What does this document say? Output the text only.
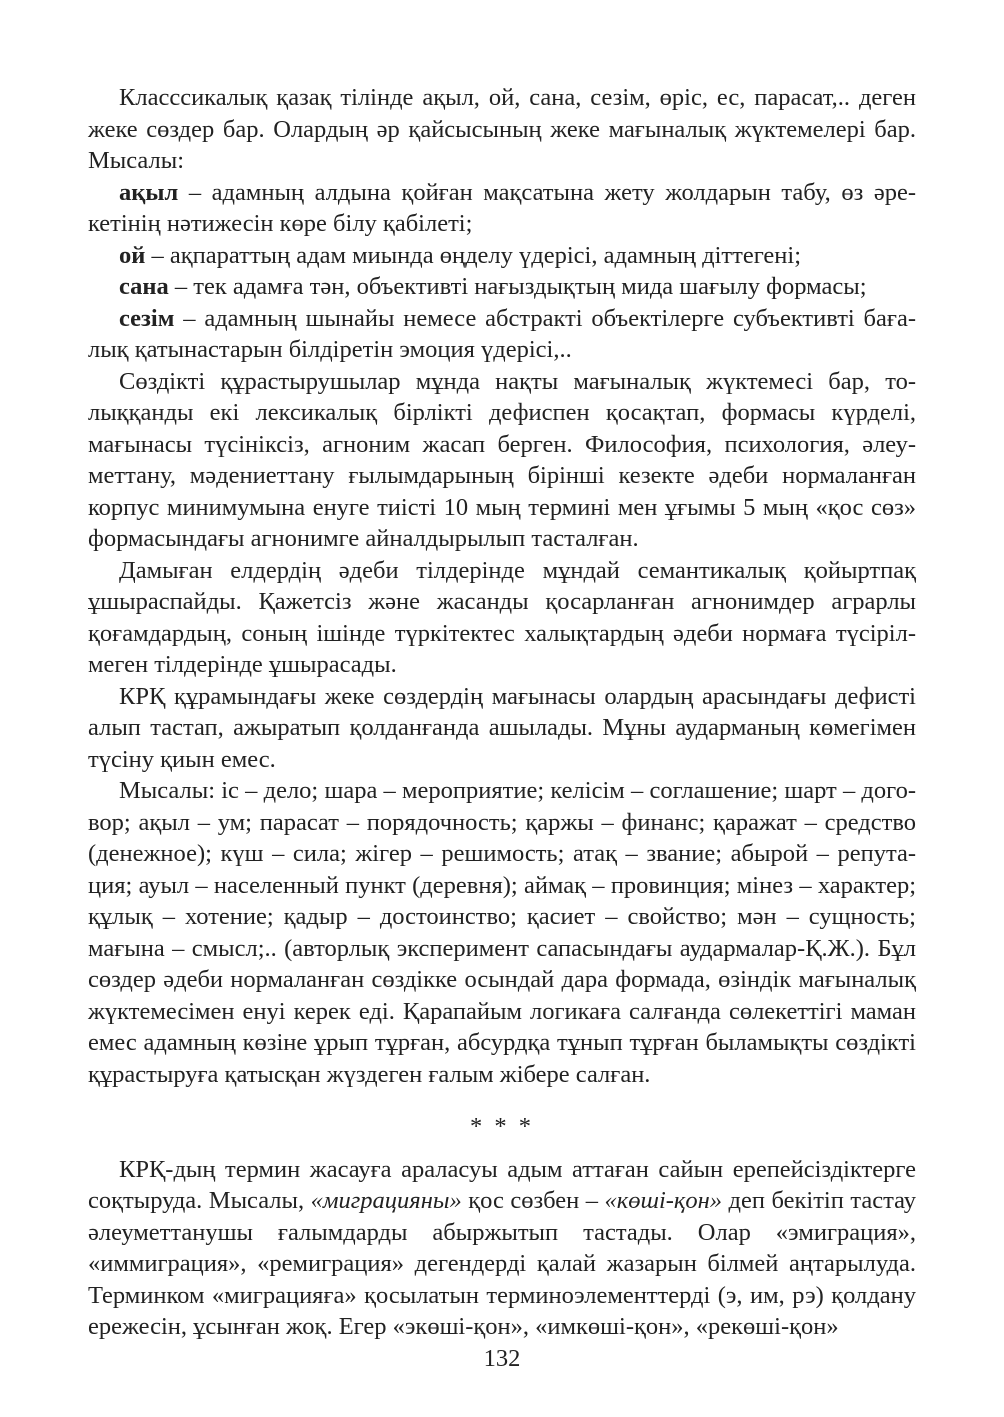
Класссикалық қазақ тілінде ақыл, ой, сана, сезім, өріс, ес, парасат,.. деген жеке сөздер бар. Олардың әр қайсысының жеке мағыналық жүктемелері бар. Мысалы:

ақыл – адамның алдына қойған мақсатына жету жолдарын табу, өз әрекетінің нәтижесін көре білу қабілеті;

ой – ақпараттың адам миында өңделу үдерісі, адамның діттегені;

сана – тек адамға тән, объективті нағыздықтың мида шағылу формасы;

сезім – адамның шынайы немесе абстракті объектілерге субъективті бағалық қатынастарын білдіретін эмоция үдерісі,..

Сөздікті құрастырушылар мұнда нақты мағыналық жүктемесі бар, толыққанды екі лексикалық бірлікті дефиспен қосақтап, формасы күрделі, мағынасы түсініксіз, агноним жасап берген. Философия, психология, әлеуметтану, мәдениеттану ғылымдарының бірінші кезекте әдеби нормаланған корпус минимумына енуге тиісті 10 мың термині мен ұғымы 5 мың «қос сөз» формасындағы агнонимге айналдырылып тасталған.

Дамыған елдердің әдеби тілдерінде мұндай семантикалық қойыртпақ ұшыраспайды. Қажетсіз және жасанды қосарланған агнонимдер аграрлы қоғамдардың, соның ішінде түркітектес халықтардың әдеби нормаға түсірілмеген тілдерінде ұшырасады.

КРҚ құрамындағы жеке сөздердің мағынасы олардың арасындағы дефисті алып тастап, ажыратып қолданғанда ашылады. Мұны аударманың көмегімен түсіну қиын емес.

Мысалы: іс – дело; шара – мероприятие; келісім – соглашение; шарт – договор; ақыл – ум; парасат – порядочность; қаржы – финанс; қаражат – средство (денежное); күш – сила; жігер – решимость; атақ – звание; абырой – репутация; ауыл – населенный пункт (деревня); аймақ – провинция; мінез – характер; құлық – хотение; қадыр – достоинство; қасиет – свойство; мән – сущность; мағына – смысл;.. (авторлық эксперимент сапасындағы аудармалар-Қ.Ж.). Бұл сөздер әдеби нормаланған сөздікке осындай дара формада, өзіндік мағыналық жүктемесімен енуі керек еді. Қарапайым логикаға салғанда сөлекеттігі маман емес адамның көзіне ұрып тұрған, абсурдқа тұнып тұрған быламықты сөздікті құрастыруға қатысқан жүздеген ғалым жібере салған.

* * *

КРҚ-дың термин жасауға араласуы адым аттаған сайын ерепейсіздіктерге соқтыруда. Мысалы, «миграцияны» қос сөзбен – «көші-қон» деп бекітіп тастау әлеуметтанушы ғалымдарды абыржытып тастады. Олар «эмиграция», «иммиграция», «ремиграция» дегендерді қалай жазарын білмей аңтарылуда. Терминком «миграцияға» қосылатын терминоэлементтерді (э, им, рэ) қолдану ережесін, ұсынған жоқ. Егер «экөші-қон», «имкөші-қон», «рекөші-қон»

132
